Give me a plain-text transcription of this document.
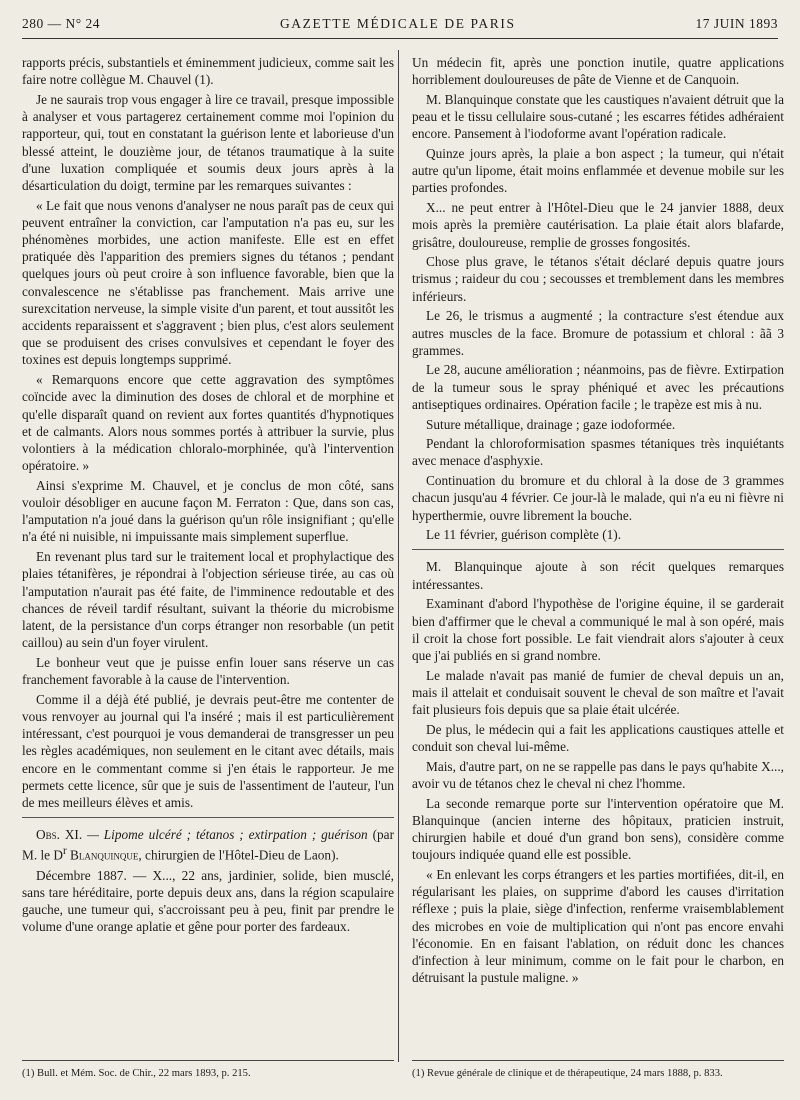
280 — N° 24	GAZETTE MÉDICALE DE PARIS	17 JUIN 1893

rapports précis, substantiels et éminemment judicieux, comme sait les faire notre collègue M. Chauvel (1).

Je ne saurais trop vous engager à lire ce travail, presque impossible à analyser et vous partagerez certainement comme moi l'opinion du rapporteur, qui, tout en constatant la guérison lente et laborieuse d'un blessé atteint, le douzième jour, de tétanos traumatique à la suite d'une luxation compliquée et soumis deux jours après à la désarticulation du doigt, termine par les remarques suivantes :

« Le fait que nous venons d'analyser ne nous paraît pas de ceux qui peuvent entraîner la conviction, car l'amputation n'a pas eu, sur les phénomènes morbides, une action manifeste. Elle est en effet pratiquée dès l'apparition des premiers signes du tétanos ; pendant quelques jours où peut croire à son influence favorable, bien que la convalescence ne s'établisse pas franchement. Mais arrive une surexcitation nerveuse, la simple visite d'un parent, et tout aussitôt les accidents reparaissent et s'aggravent ; bien plus, c'est alors seulement que se produisent des crises convulsives et cependant le foyer des toxines est depuis longtemps supprimé.

« Remarquons encore que cette aggravation des symptômes coïncide avec la diminution des doses de chloral et de morphine et qu'elle disparaît quand on revient aux fortes quantités d'hypnotiques et de calmants. Alors nous sommes portés à attribuer la survie, plus volontiers à la médication chloralo-morphinée, qu'à l'intervention opératoire. »

Ainsi s'exprime M. Chauvel, et je conclus de mon côté, sans vouloir désobliger en aucune façon M. Ferraton : Que, dans son cas, l'amputation n'a joué dans la guérison qu'un rôle insignifiant ; qu'elle n'a été ni nuisible, ni impuissante mais simplement superflue.

En revenant plus tard sur le traitement local et prophylactique des plaies tétanifères, je répondrai à l'objection sérieuse tirée, au cas où l'amputation n'aurait pas été faite, de l'imminence redoutable et des chances de réveil tardif résultant, suivant la théorie du microbisme latent, de la persistance d'un corps étranger non resorbable (un petit caillou) au sein d'un foyer virulent.

Le bonheur veut que je puisse enfin louer sans réserve un cas franchement favorable à la cause de l'intervention.

Comme il a déjà été publié, je devrais peut-être me contenter de vous renvoyer au journal qui l'a inséré ; mais il est particulièrement intéressant, c'est pourquoi je vous demanderai de transgresser un peu les règles académiques, non seulement en le citant avec détails, mais encore en le commentant comme si j'en étais le rapporteur. Je me permets cette licence, sûr que je suis de l'assentiment de l'auteur, l'un de mes meilleurs élèves et amis.

Obs. XI. — Lipome ulcéré ; tétanos ; extirpation ; guérison (par M. le $D^r$ Blanquinque, chirurgien de l'Hôtel-Dieu de Laon).

Décembre 1887. — X..., 22 ans, jardinier, solide, bien musclé, sans tare héréditaire, porte depuis deux ans, dans la région scapulaire gauche, une tumeur qui, s'accroissant peu à peu, finit par prendre le volume d'une orange aplatie et gêne pour porter des fardeaux.

Un médecin fit, après une ponction inutile, quatre applications horriblement douloureuses de pâte de Vienne et de Canquoin.

M. Blanquinque constate que les caustiques n'avaient détruit que la peau et le tissu cellulaire sous-cutané ; les escarres fétides adhéraient encore. Pansement à l'iodoforme avant l'opération radicale.

Quinze jours après, la plaie a bon aspect ; la tumeur, qui n'était autre qu'un lipome, était moins enflammée et devenue mobile sur les parties profondes.

X... ne peut entrer à l'Hôtel-Dieu que le 24 janvier 1888, deux mois après la première cautérisation. La plaie était alors blafarde, grisâtre, douloureuse, remplie de grosses fongosités.

Chose plus grave, le tétanos s'était déclaré depuis quatre jours trismus ; raideur du cou ; secousses et tremblement dans les membres inférieurs.

Le 26, le trismus a augmenté ; la contracture s'est étendue aux autres muscles de la face. Bromure de potassium et chloral : ãã 3 grammes.

Le 28, aucune amélioration ; néanmoins, pas de fièvre. Extirpation de la tumeur sous le spray phéniqué et avec les précautions antiseptiques ordinaires. Opération facile ; le trapèze est mis à nu.

Suture métallique, drainage ; gaze iodoformée.

Pendant la chloroformisation spasmes tétaniques très inquiétants avec menace d'asphyxie.

Continuation du bromure et du chloral à la dose de 3 grammes chacun jusqu'au 4 février. Ce jour-là le malade, qui n'a eu ni fièvre ni hyperthermie, ouvre librement la bouche.

Le 11 février, guérison complète (1).

M. Blanquinque ajoute à son récit quelques remarques intéressantes.

Examinant d'abord l'hypothèse de l'origine équine, il se garderait bien d'affirmer que le cheval a communiqué le mal à son opéré, mais il croit la chose fort possible. Le fait viendrait alors s'ajouter à ceux que j'ai publiés en si grand nombre.

Le malade n'avait pas manié de fumier de cheval depuis un an, mais il attelait et conduisait souvent le cheval de son maître et l'avait fait plusieurs fois depuis que sa plaie était ulcérée.

De plus, le médecin qui a fait les applications caustiques attelle et conduit son cheval lui-même.

Mais, d'autre part, on ne se rappelle pas dans le pays qu'habite X..., avoir vu de tétanos chez le cheval ni chez l'homme.

La seconde remarque porte sur l'intervention opératoire que M. Blanquinque (ancien interne des hôpitaux, praticien instruit, chirurgien habile et doué d'un grand bon sens), considère comme toujours indiquée quand elle est possible.

« En enlevant les corps étrangers et les parties mortifiées, dit-il, en régularisant les plaies, on supprime d'abord les causes d'irritation réflexe ; puis la plaie, siège d'infection, renferme vraisemblablement des microbes en voie de multiplication qui n'ont pas encore envahi l'économie. En en faisant l'ablation, on réduit donc les chances d'infection à leur minimum, comme on le fait pour le charbon, en détruisant la pustule maligne. »

(1) Bull. et Mém. Soc. de Chir., 22 mars 1893, p. 215.	(1) Revue générale de clinique et de thérapeutique, 24 mars 1888, p. 833.
